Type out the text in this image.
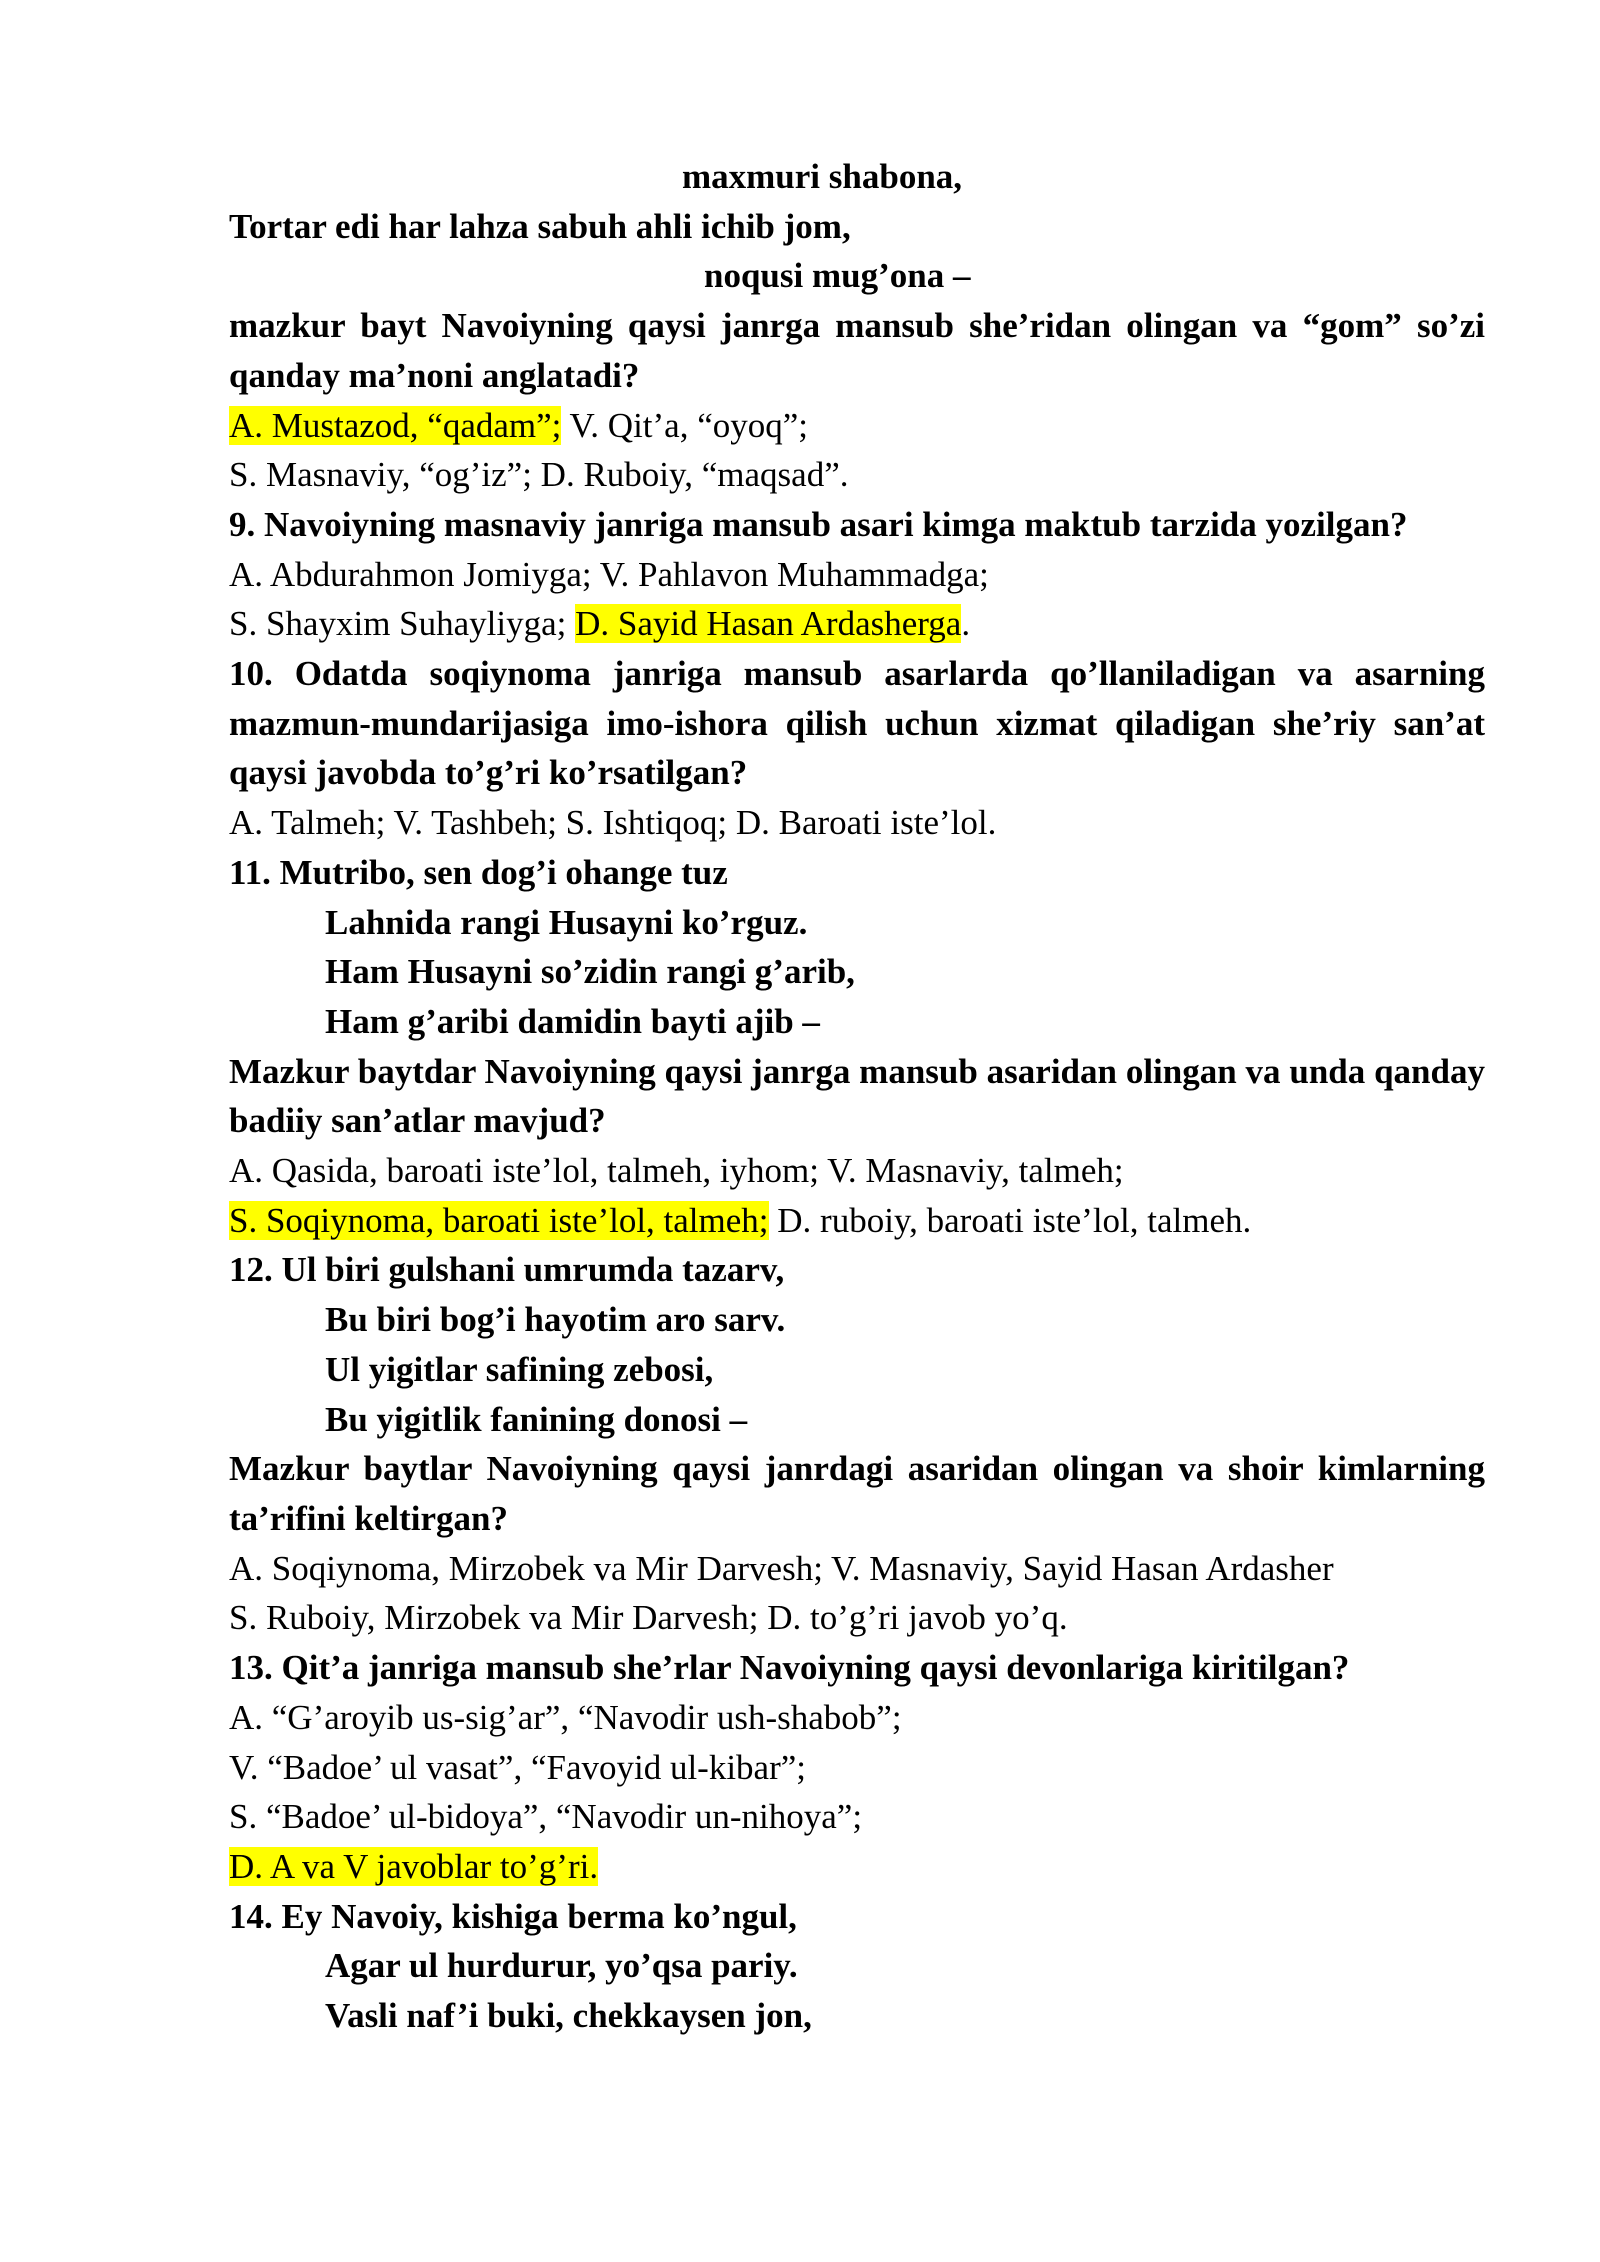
maxmuri shabona,

Tortar edi har lahza sabuh ahli ichib jom,

noqusi mug’ona –

mazkur bayt Navoiyning qaysi janrga mansub she’ridan olingan va “gom” so’zi qanday ma’noni anglatadi?

A. Mustazod, “qadam”; V. Qit’a, “oyoq”;

S. Masnaviy, “og’iz”; D. Ruboiy, “maqsad”.

9. Navoiyning masnaviy janriga mansub asari kimga maktub tarzida yozilgan?

A. Abdurahmon Jomiyga; V. Pahlavon Muhammadga;

S. Shayxim Suhayliyga; D. Sayid Hasan Ardasherga.

10. Odatda soqiynoma janriga mansub asarlarda qo’llaniladigan va asarning mazmun-mundarijasiga imo-ishora qilish uchun xizmat qiladigan she’riy san’at qaysi javobda to’g’ri ko’rsatilgan?

A. Talmeh; V. Tashbeh; S. Ishtiqoq; D. Baroati iste’lol.

11. Mutribo, sen dog’i ohange tuz

Lahnida rangi Husayni ko’rguz.

Ham Husayni so’zidin rangi g’arib,

Ham g’aribi damidin bayti ajib –

Mazkur baytdar Navoiyning qaysi janrga mansub asaridan olingan va unda qanday badiiy san’atlar mavjud?

A. Qasida, baroati iste’lol, talmeh, iyhom; V. Masnaviy, talmeh;

S. Soqiynoma, baroati iste’lol, talmeh; D. ruboiy, baroati iste’lol, talmeh.

12. Ul biri gulshani umrumda tazarv,

Bu biri bog’i hayotim aro sarv.

Ul yigitlar safining zebosi,

Bu yigitlik fanining donosi –

Mazkur baytlar Navoiyning qaysi janrdagi asaridan olingan va shoir kimlarning ta’rifini keltirgan?

A. Soqiynoma, Mirzobek va Mir Darvesh; V. Masnaviy, Sayid Hasan Ardasher

S. Ruboiy, Mirzobek va Mir Darvesh; D. to’g’ri javob yo’q.

13. Qit’a janriga mansub she’rlar Navoiyning qaysi devonlariga kiritilgan?

A. “G’aroyib us-sig’ar”, “Navodir ush-shabob”;

V. “Badoe’ ul vasat”, “Favoyid ul-kibar”;

S. “Badoe’ ul-bidoya”, “Navodir un-nihoya”;

D. A va V javoblar to’g’ri.

14. Ey Navoiy, kishiga berma ko’ngul,

Agar ul hurdurur, yo’qsa pariy.

Vasli naf’i buki, chekkaysen jon,
